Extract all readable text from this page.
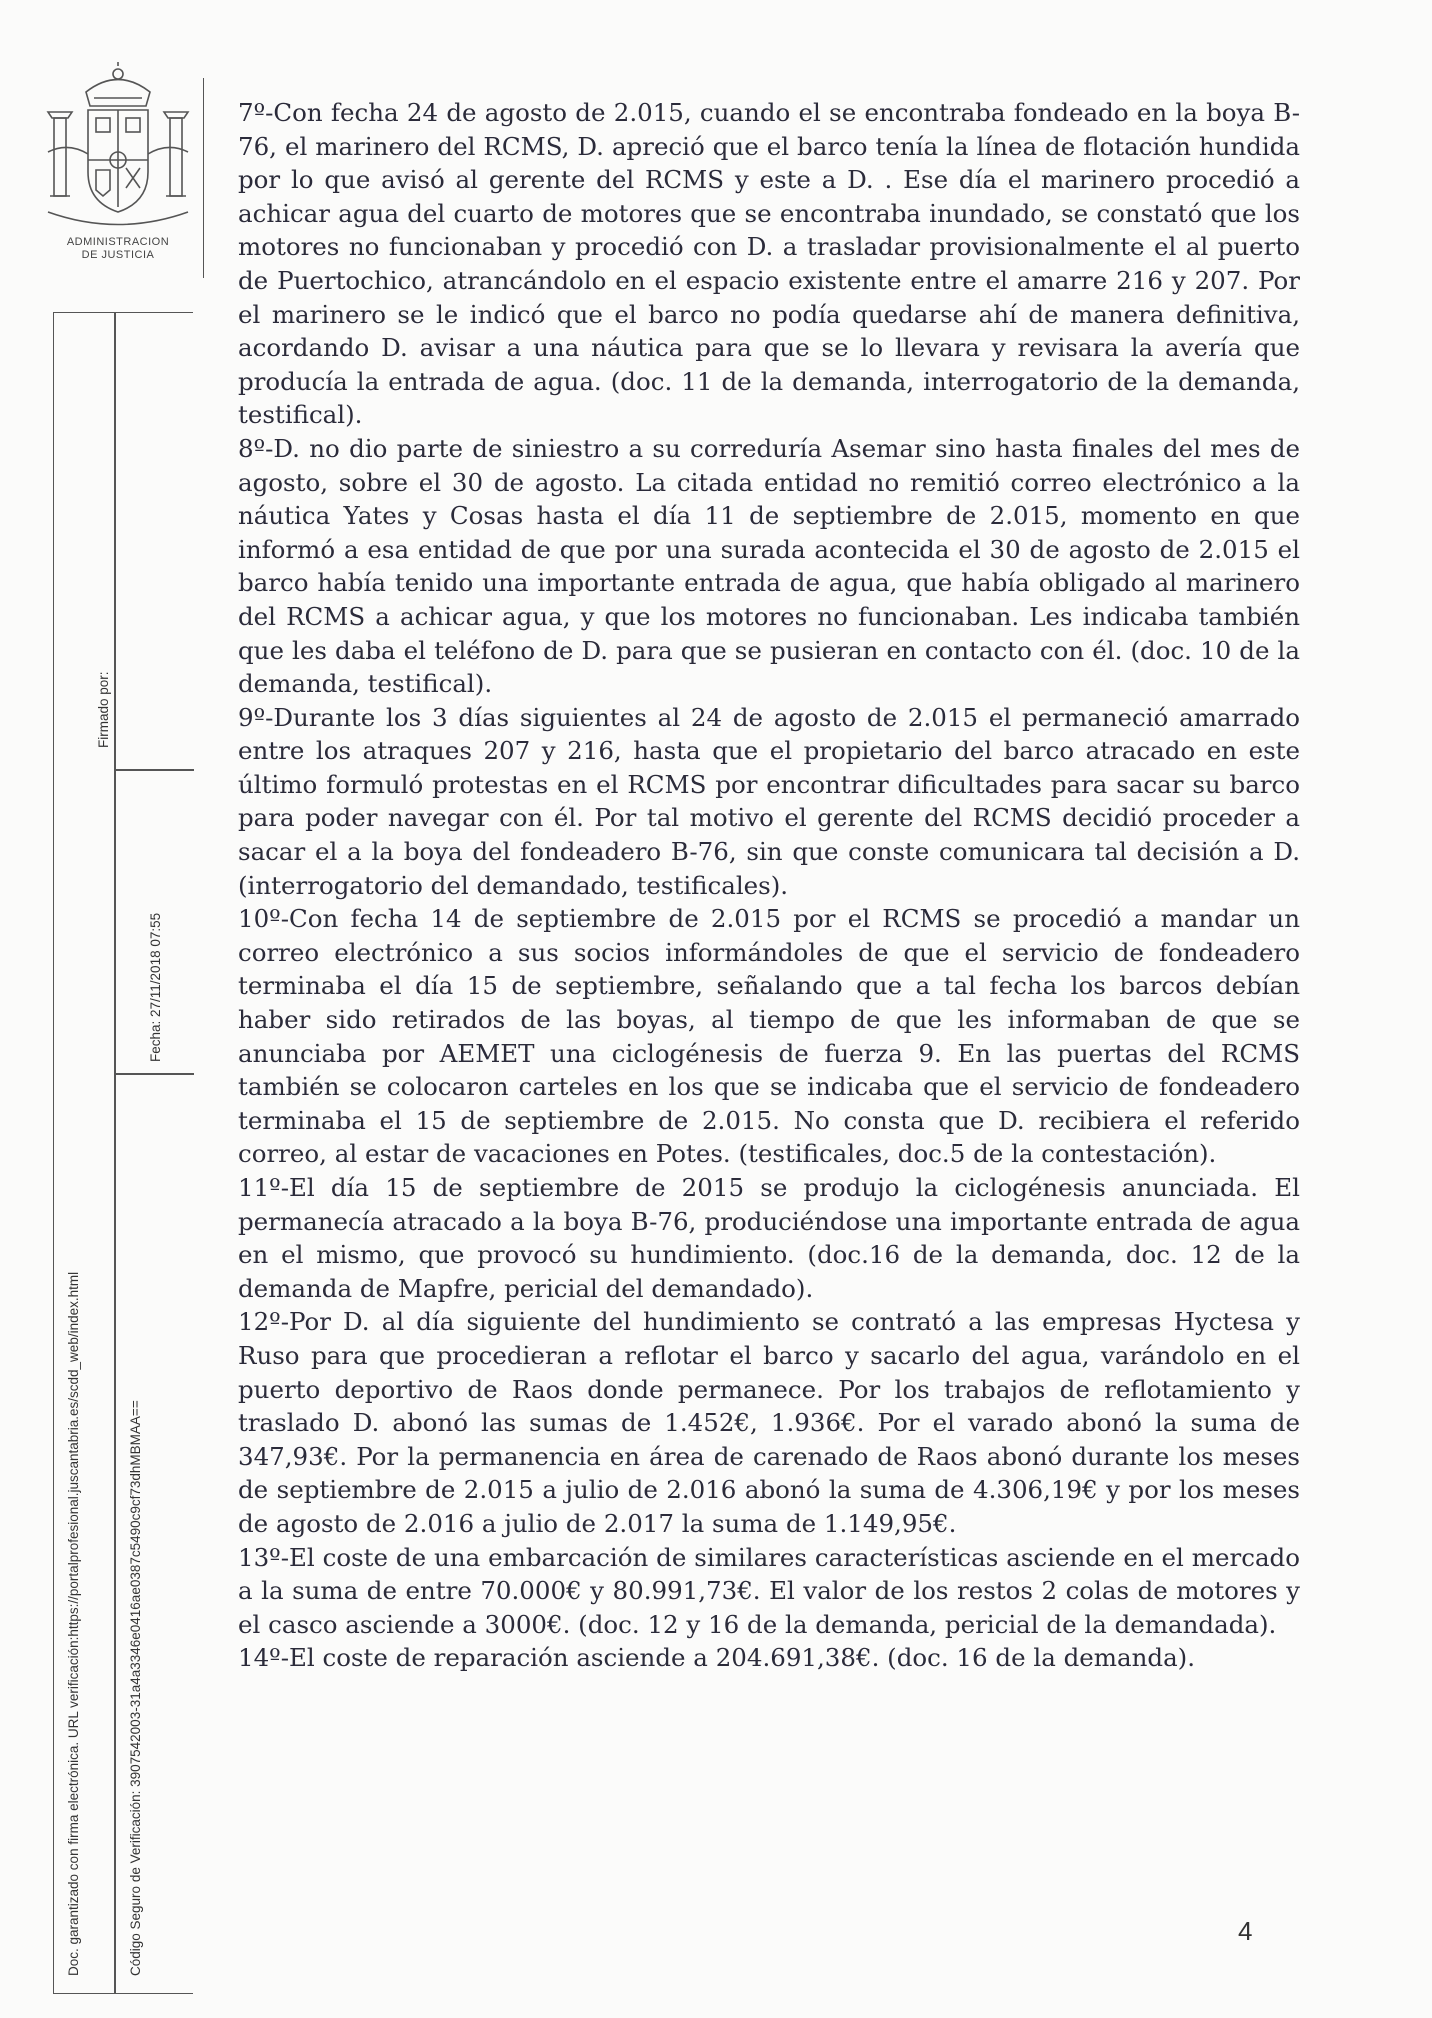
ADMINISTRACION
DE JUSTICIA
Doc. garantizado con firma electrónica. URL verificación:https://portalprofesional.juscantabria.es/scdd_web/index.html
Firmado por:
Fecha: 27/11/2018 07:55
Código Seguro de Verificación: 3907542003-31a4a3346e0416ae0387c5490c9cf73dhMBMAA==

7º-Con fecha 24 de agosto de 2.015, cuando el se encontraba fondeado en la boya B-76, el marinero del RCMS, D. apreció que el barco tenía la línea de flotación hundida por lo que avisó al gerente del RCMS y este a D. . Ese día el marinero procedió a achicar agua del cuarto de motores que se encontraba inundado, se constató que los motores no funcionaban y procedió con D. a trasladar provisionalmente el al puerto de Puertochico, atrancándolo en el espacio existente entre el amarre 216 y 207. Por el marinero se le indicó que el barco no podía quedarse ahí de manera definitiva, acordando D. avisar a una náutica para que se lo llevara y revisara la avería que producía la entrada de agua. (doc. 11 de la demanda, interrogatorio de la demanda, testifical).

8º-D. no dio parte de siniestro a su correduría Asemar sino hasta finales del mes de agosto, sobre el 30 de agosto. La citada entidad no remitió correo electrónico a la náutica Yates y Cosas hasta el día 11 de septiembre de 2.015, momento en que informó a esa entidad de que por una surada acontecida el 30 de agosto de 2.015 el barco había tenido una importante entrada de agua, que había obligado al marinero del RCMS a achicar agua, y que los motores no funcionaban. Les indicaba también que les daba el teléfono de D. para que se pusieran en contacto con él. (doc. 10 de la demanda, testifical).

9º-Durante los 3 días siguientes al 24 de agosto de 2.015 el permaneció amarrado entre los atraques 207 y 216, hasta que el propietario del barco atracado en este último formuló protestas en el RCMS por encontrar dificultades para sacar su barco para poder navegar con él. Por tal motivo el gerente del RCMS decidió proceder a sacar el a la boya del fondeadero B-76, sin que conste comunicara tal decisión a D. (interrogatorio del demandado, testificales).

10º-Con fecha 14 de septiembre de 2.015 por el RCMS se procedió a mandar un correo electrónico a sus socios informándoles de que el servicio de fondeadero terminaba el día 15 de septiembre, señalando que a tal fecha los barcos debían haber sido retirados de las boyas, al tiempo de que les informaban de que se anunciaba por AEMET una ciclogénesis de fuerza 9. En las puertas del RCMS también se colocaron carteles en los que se indicaba que el servicio de fondeadero terminaba el 15 de septiembre de 2.015. No consta que D. recibiera el referido correo, al estar de vacaciones en Potes. (testificales, doc.5 de la contestación).

11º-El día 15 de septiembre de 2015 se produjo la ciclogénesis anunciada. El permanecía atracado a la boya B-76, produciéndose una importante entrada de agua en el mismo, que provocó su hundimiento. (doc.16 de la demanda, doc. 12 de la demanda de Mapfre, pericial del demandado).

12º-Por D. al día siguiente del hundimiento se contrató a las empresas Hyctesa y Ruso para que procedieran a reflotar el barco y sacarlo del agua, varándolo en el puerto deportivo de Raos donde permanece. Por los trabajos de reflotamiento y traslado D. abonó las sumas de 1.452€, 1.936€. Por el varado abonó la suma de 347,93€. Por la permanencia en área de carenado de Raos abonó durante los meses de septiembre de 2.015 a julio de 2.016 abonó la suma de 4.306,19€ y por los meses de agosto de 2.016 a julio de 2.017 la suma de 1.149,95€.

13º-El coste de una embarcación de similares características asciende en el mercado a la suma de entre 70.000€ y 80.991,73€. El valor de los restos 2 colas de motores y el casco asciende a 3000€. (doc. 12 y 16 de la demanda, pericial de la demandada).

14º-El coste de reparación asciende a 204.691,38€. (doc. 16 de la demanda).

4
